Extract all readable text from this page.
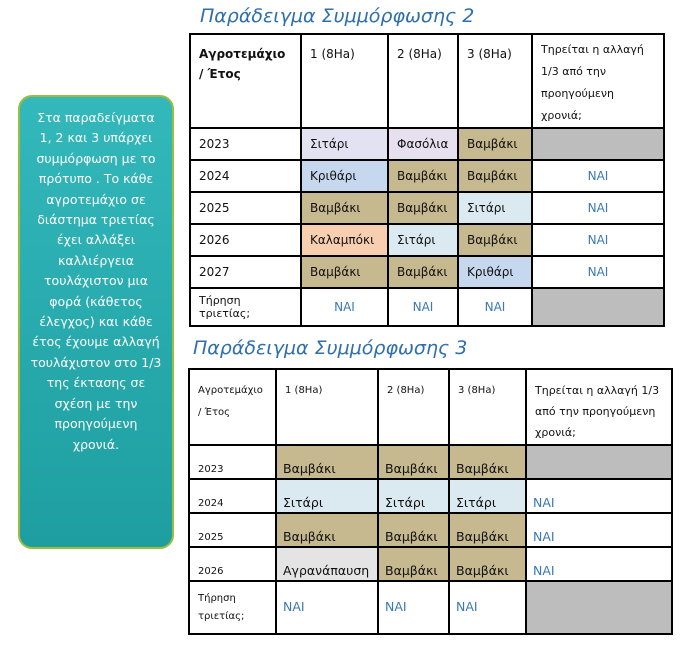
Παράδειγμα Συμμόρφωσης 2
Αγροτεμάχιο / Έτος	1 (8Ha)	2 (8Ha)	3 (8Ha)	Τηρείται η αλλαγή 1/3 από την προηγούμενη χρονιά;
2023	Σιτάρι	Φασόλια	Βαμβάκι	
2024	Κριθάρι	Βαμβάκι	Βαμβάκι	ΝΑΙ
2025	Βαμβάκι	Βαμβάκι	Σιτάρι	ΝΑΙ
2026	Καλαμπόκι	Σιτάρι	Βαμβάκι	ΝΑΙ
2027	Βαμβάκι	Βαμβάκι	Κριθάρι	ΝΑΙ
Τήρηση τριετίας;	ΝΑΙ	ΝΑΙ	ΝΑΙ	
Στα παραδείγματα 1, 2 και 3 υπάρχει συμμόρφωση με το πρότυπο . Το κάθε αγροτεμάχιο σε διάστημα τριετίας έχει αλλάξει καλλιέργεια τουλάχιστον μια φορά (κάθετος έλεγχος) και κάθε έτος έχουμε αλλαγή τουλάχιστον στο 1/3 της έκτασης σε σχέση με την προηγούμενη χρονιά.
Παράδειγμα Συμμόρφωσης 3
Αγροτεμάχιο / Έτος	1 (8Ha)	2 (8Ha)	3 (8Ha)	Τηρείται η αλλαγή 1/3 από την προηγούμενη χρονιά;
2023	Βαμβάκι	Βαμβάκι	Βαμβάκι	
2024	Σιτάρι	Σιτάρι	Σιτάρι	ΝΑΙ
2025	Βαμβάκι	Βαμβάκι	Βαμβάκι	ΝΑΙ
2026	Αγρανάπαυση	Βαμβάκι	Βαμβάκι	ΝΑΙ
Τήρηση τριετίας;	ΝΑΙ	ΝΑΙ	ΝΑΙ	
